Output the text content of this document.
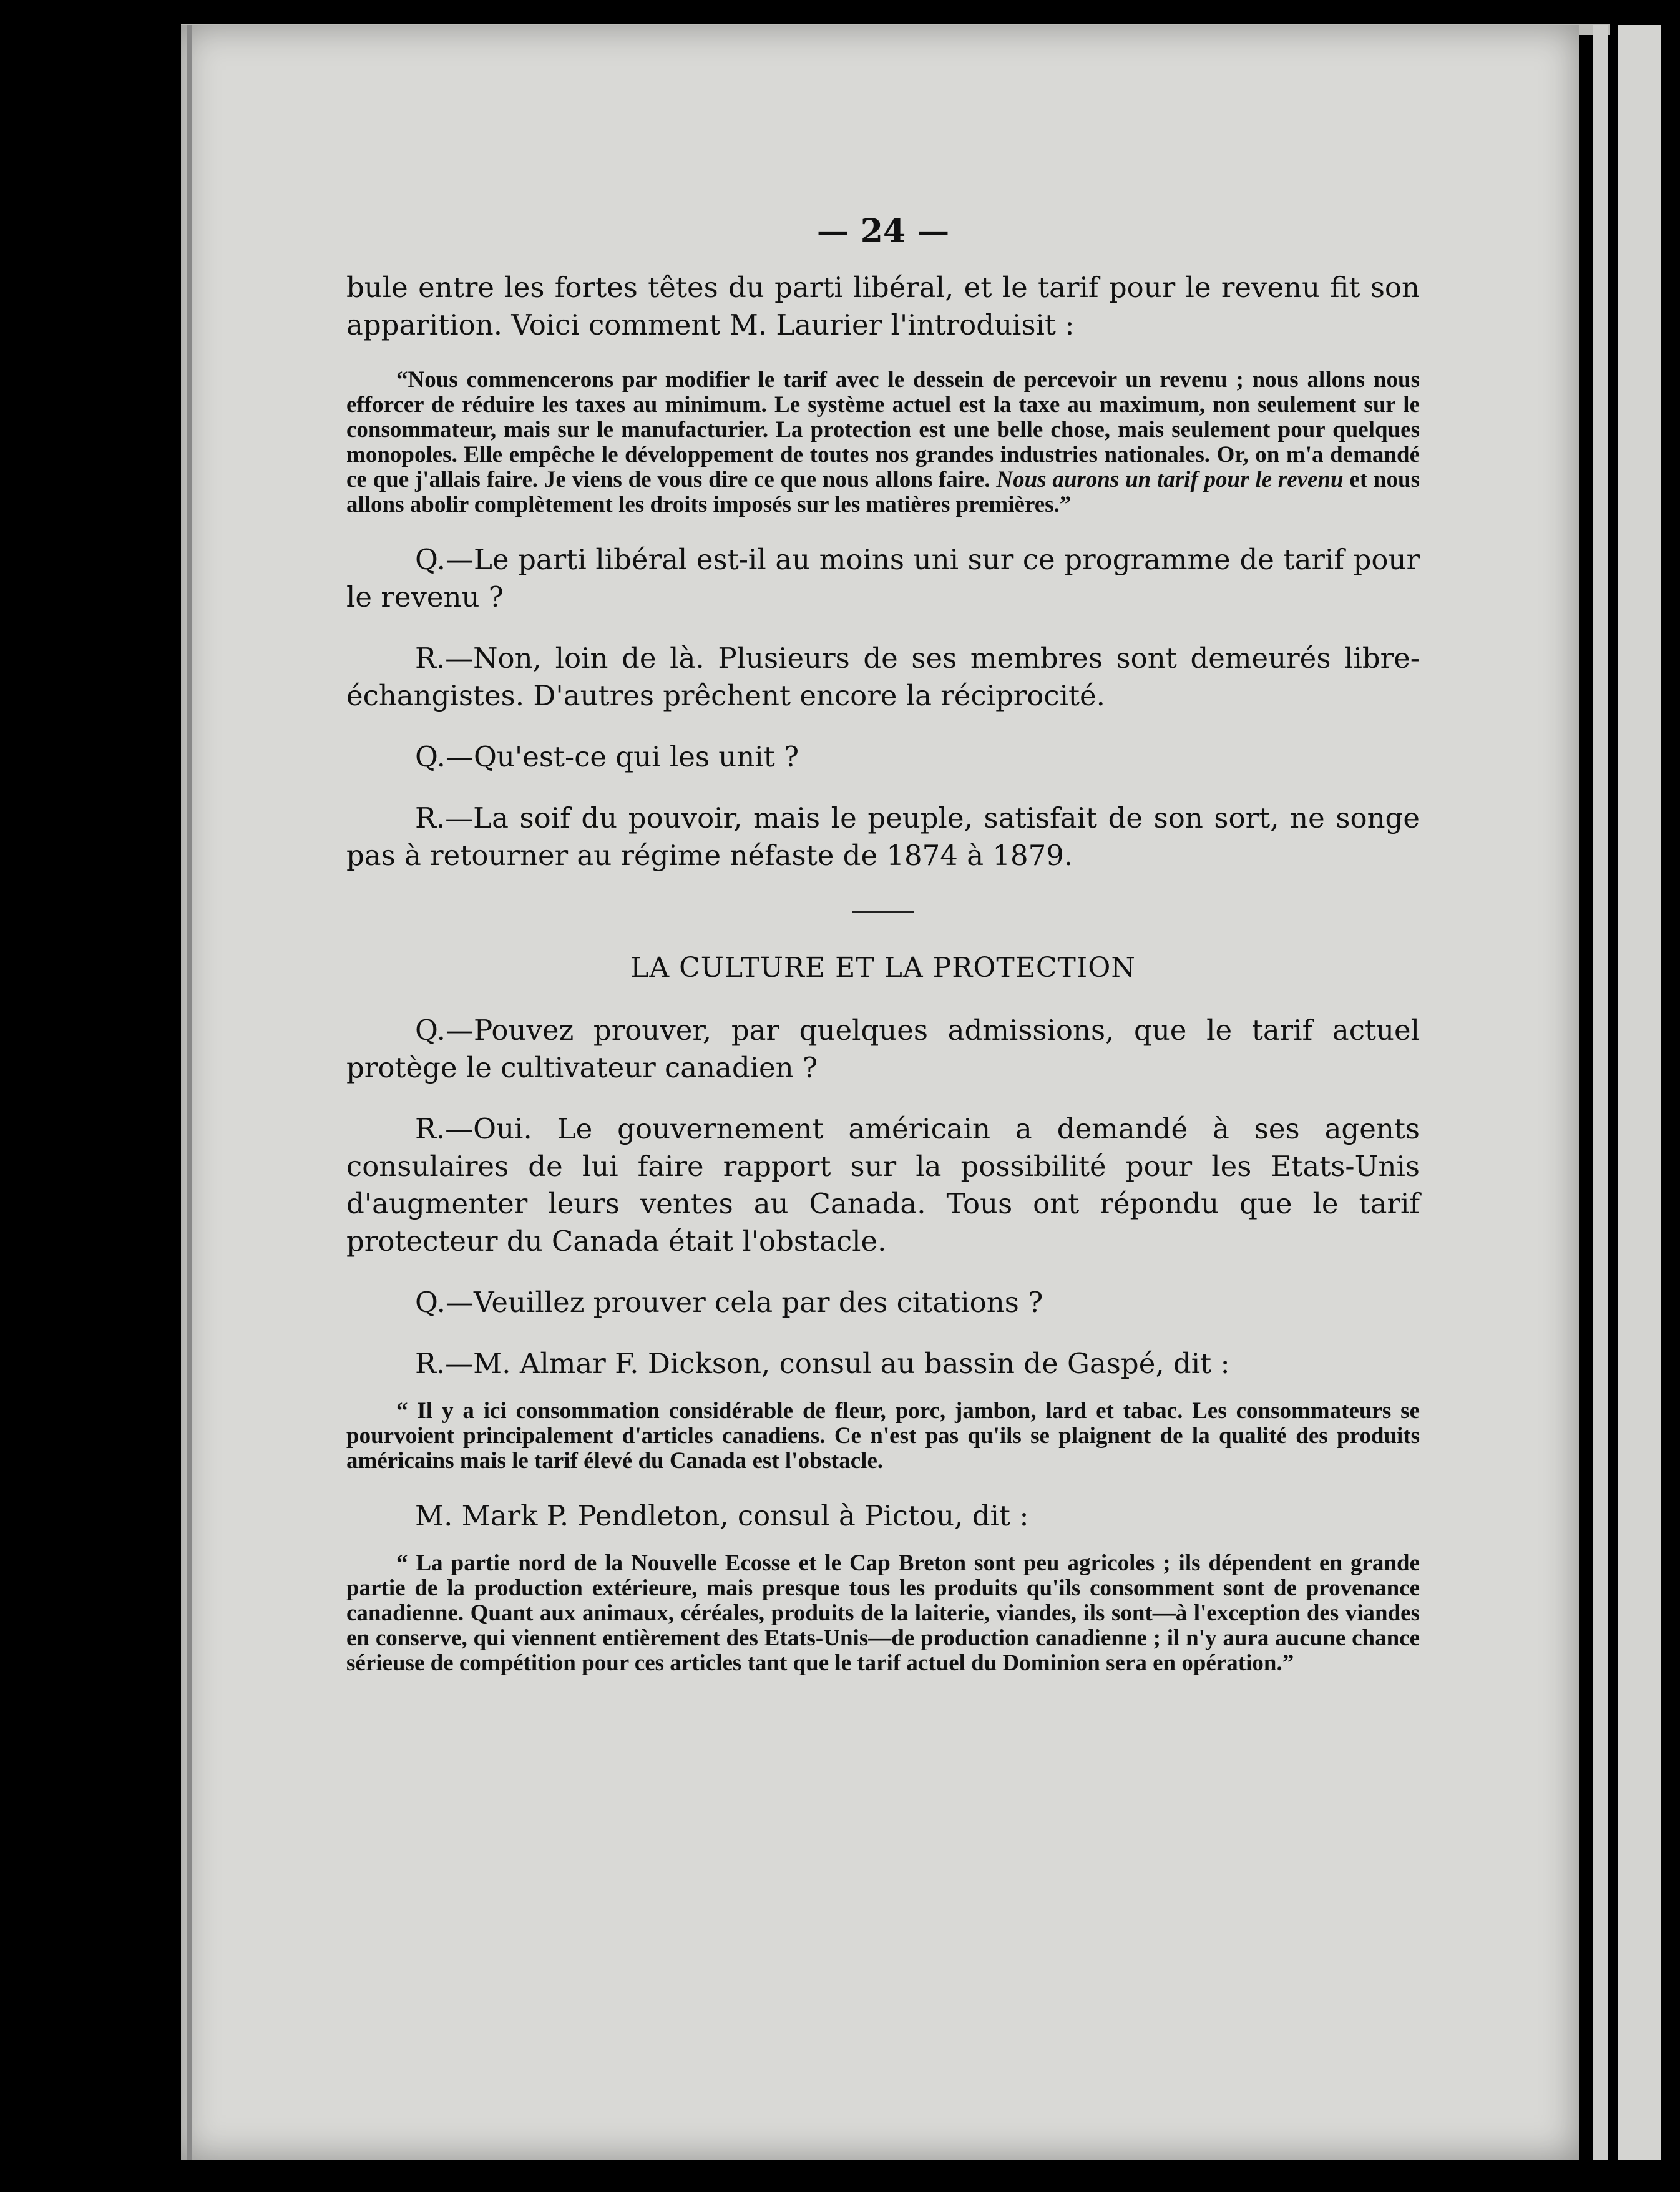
— 24 —

bule entre les fortes têtes du parti libéral, et le tarif pour le revenu fit son apparition. Voici comment M. Laurier l'introduisit :

“Nous commencerons par modifier le tarif avec le dessein de percevoir un revenu ; nous allons nous efforcer de réduire les taxes au minimum. Le système actuel est la taxe au maximum, non seulement sur le consommateur, mais sur le manufacturier. La protection est une belle chose, mais seulement pour quelques monopoles. Elle empêche le développement de toutes nos grandes industries nationales. Or, on m'a demandé ce que j'allais faire. Je viens de vous dire ce que nous allons faire. Nous aurons un tarif pour le revenu et nous allons abolir complètement les droits imposés sur les matières premières.”

Q.—Le parti libéral est-il au moins uni sur ce programme de tarif pour le revenu ?

R.—Non, loin de là. Plusieurs de ses membres sont demeurés libre-échangistes. D'autres prêchent encore la réciprocité.

Q.—Qu'est-ce qui les unit ?

R.—La soif du pouvoir, mais le peuple, satisfait de son sort, ne songe pas à retourner au régime néfaste de 1874 à 1879.

LA CULTURE ET LA PROTECTION

Q.—Pouvez prouver, par quelques admissions, que le tarif actuel protège le cultivateur canadien ?

R.—Oui. Le gouvernement américain a demandé à ses agents consulaires de lui faire rapport sur la possibilité pour les Etats-Unis d'augmenter leurs ventes au Canada. Tous ont répondu que le tarif protecteur du Canada était l'obstacle.

Q.—Veuillez prouver cela par des citations ?

R.—M. Almar F. Dickson, consul au bassin de Gaspé, dit :

“ Il y a ici consommation considérable de fleur, porc, jambon, lard et tabac. Les consommateurs se pourvoient principalement d'articles canadiens. Ce n'est pas qu'ils se plaignent de la qualité des produits américains mais le tarif élevé du Canada est l'obstacle.

M. Mark P. Pendleton, consul à Pictou, dit :

“ La partie nord de la Nouvelle Ecosse et le Cap Breton sont peu agricoles ; ils dépendent en grande partie de la production extérieure, mais presque tous les produits qu'ils consomment sont de provenance canadienne. Quant aux animaux, céréales, produits de la laiterie, viandes, ils sont—à l'exception des viandes en conserve, qui viennent entièrement des Etats-Unis—de production canadienne ; il n'y aura aucune chance sérieuse de compétition pour ces articles tant que le tarif actuel du Dominion sera en opération.”
